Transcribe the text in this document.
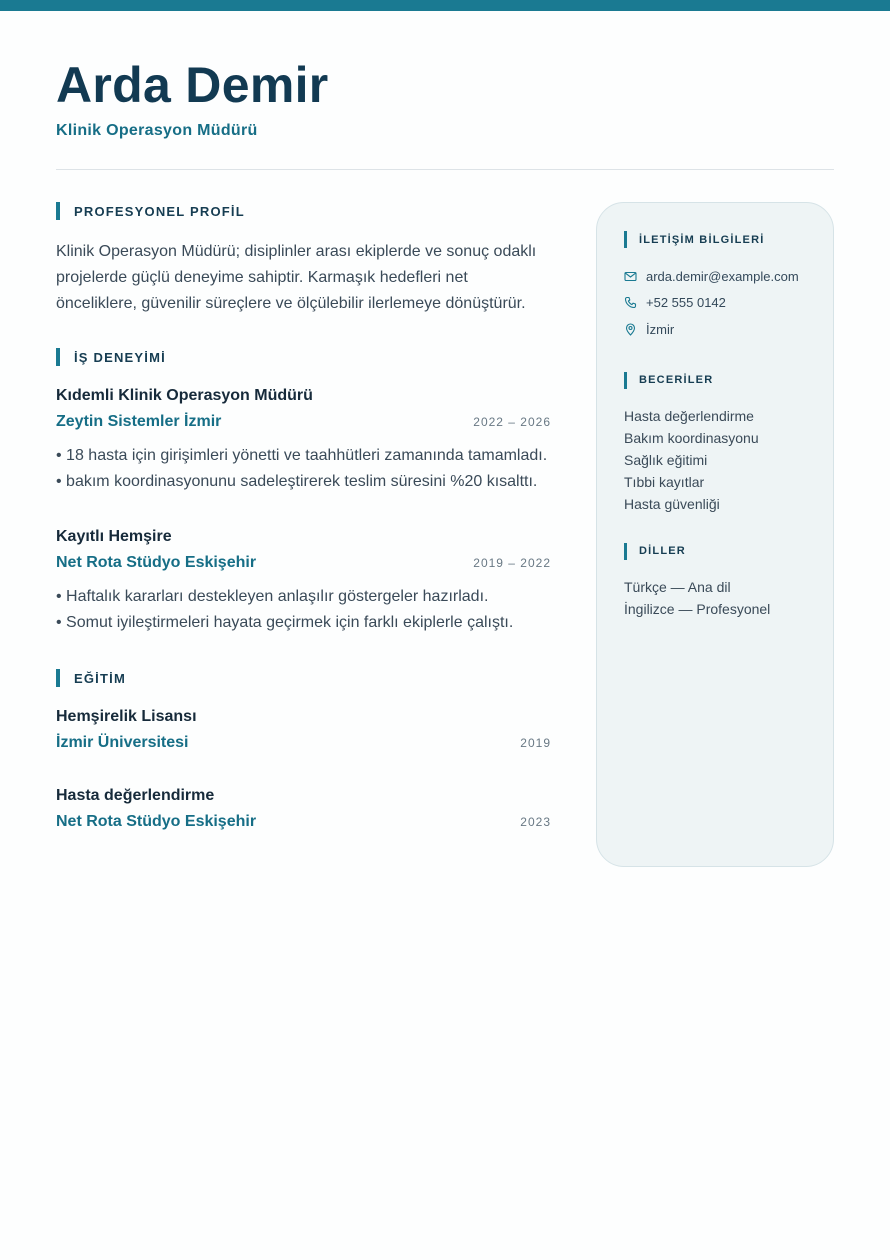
Arda Demir
Klinik Operasyon Müdürü
PROFESYONEL PROFİL

Klinik Operasyon Müdürü; disiplinler arası ekiplerde ve sonuç odaklı projelerde güçlü deneyime sahiptir. Karmaşık hedefleri net önceliklere, güvenilir süreçlere ve ölçülebilir ilerlemeye dönüştürür.

İŞ DENEYİMİ
Kıdemli Klinik Operasyon Müdürü
Zeytin Sistemler İzmir	2022 – 2026
• 18 hasta için girişimleri yönetti ve taahhütleri zamanında tamamladı.
• bakım koordinasyonunu sadeleştirerek teslim süresini %20 kısalttı.
Kayıtlı Hemşire
Net Rota Stüdyo Eskişehir	2019 – 2022
• Haftalık kararları destekleyen anlaşılır göstergeler hazırladı.
• Somut iyileştirmeleri hayata geçirmek için farklı ekiplerle çalıştı.
EĞİTİM
Hemşirelik Lisansı
İzmir Üniversitesi	2019
Hasta değerlendirme
Net Rota Stüdyo Eskişehir	2023
İLETİŞİM BİLGİLERİ
arda.demir@example.com
+52 555 0142
İzmir
BECERİLER
Hasta değerlendirme
Bakım koordinasyonu
Sağlık eğitimi
Tıbbi kayıtlar
Hasta güvenliği
DİLLER
Türkçe — Ana dil
İngilizce — Profesyonel
